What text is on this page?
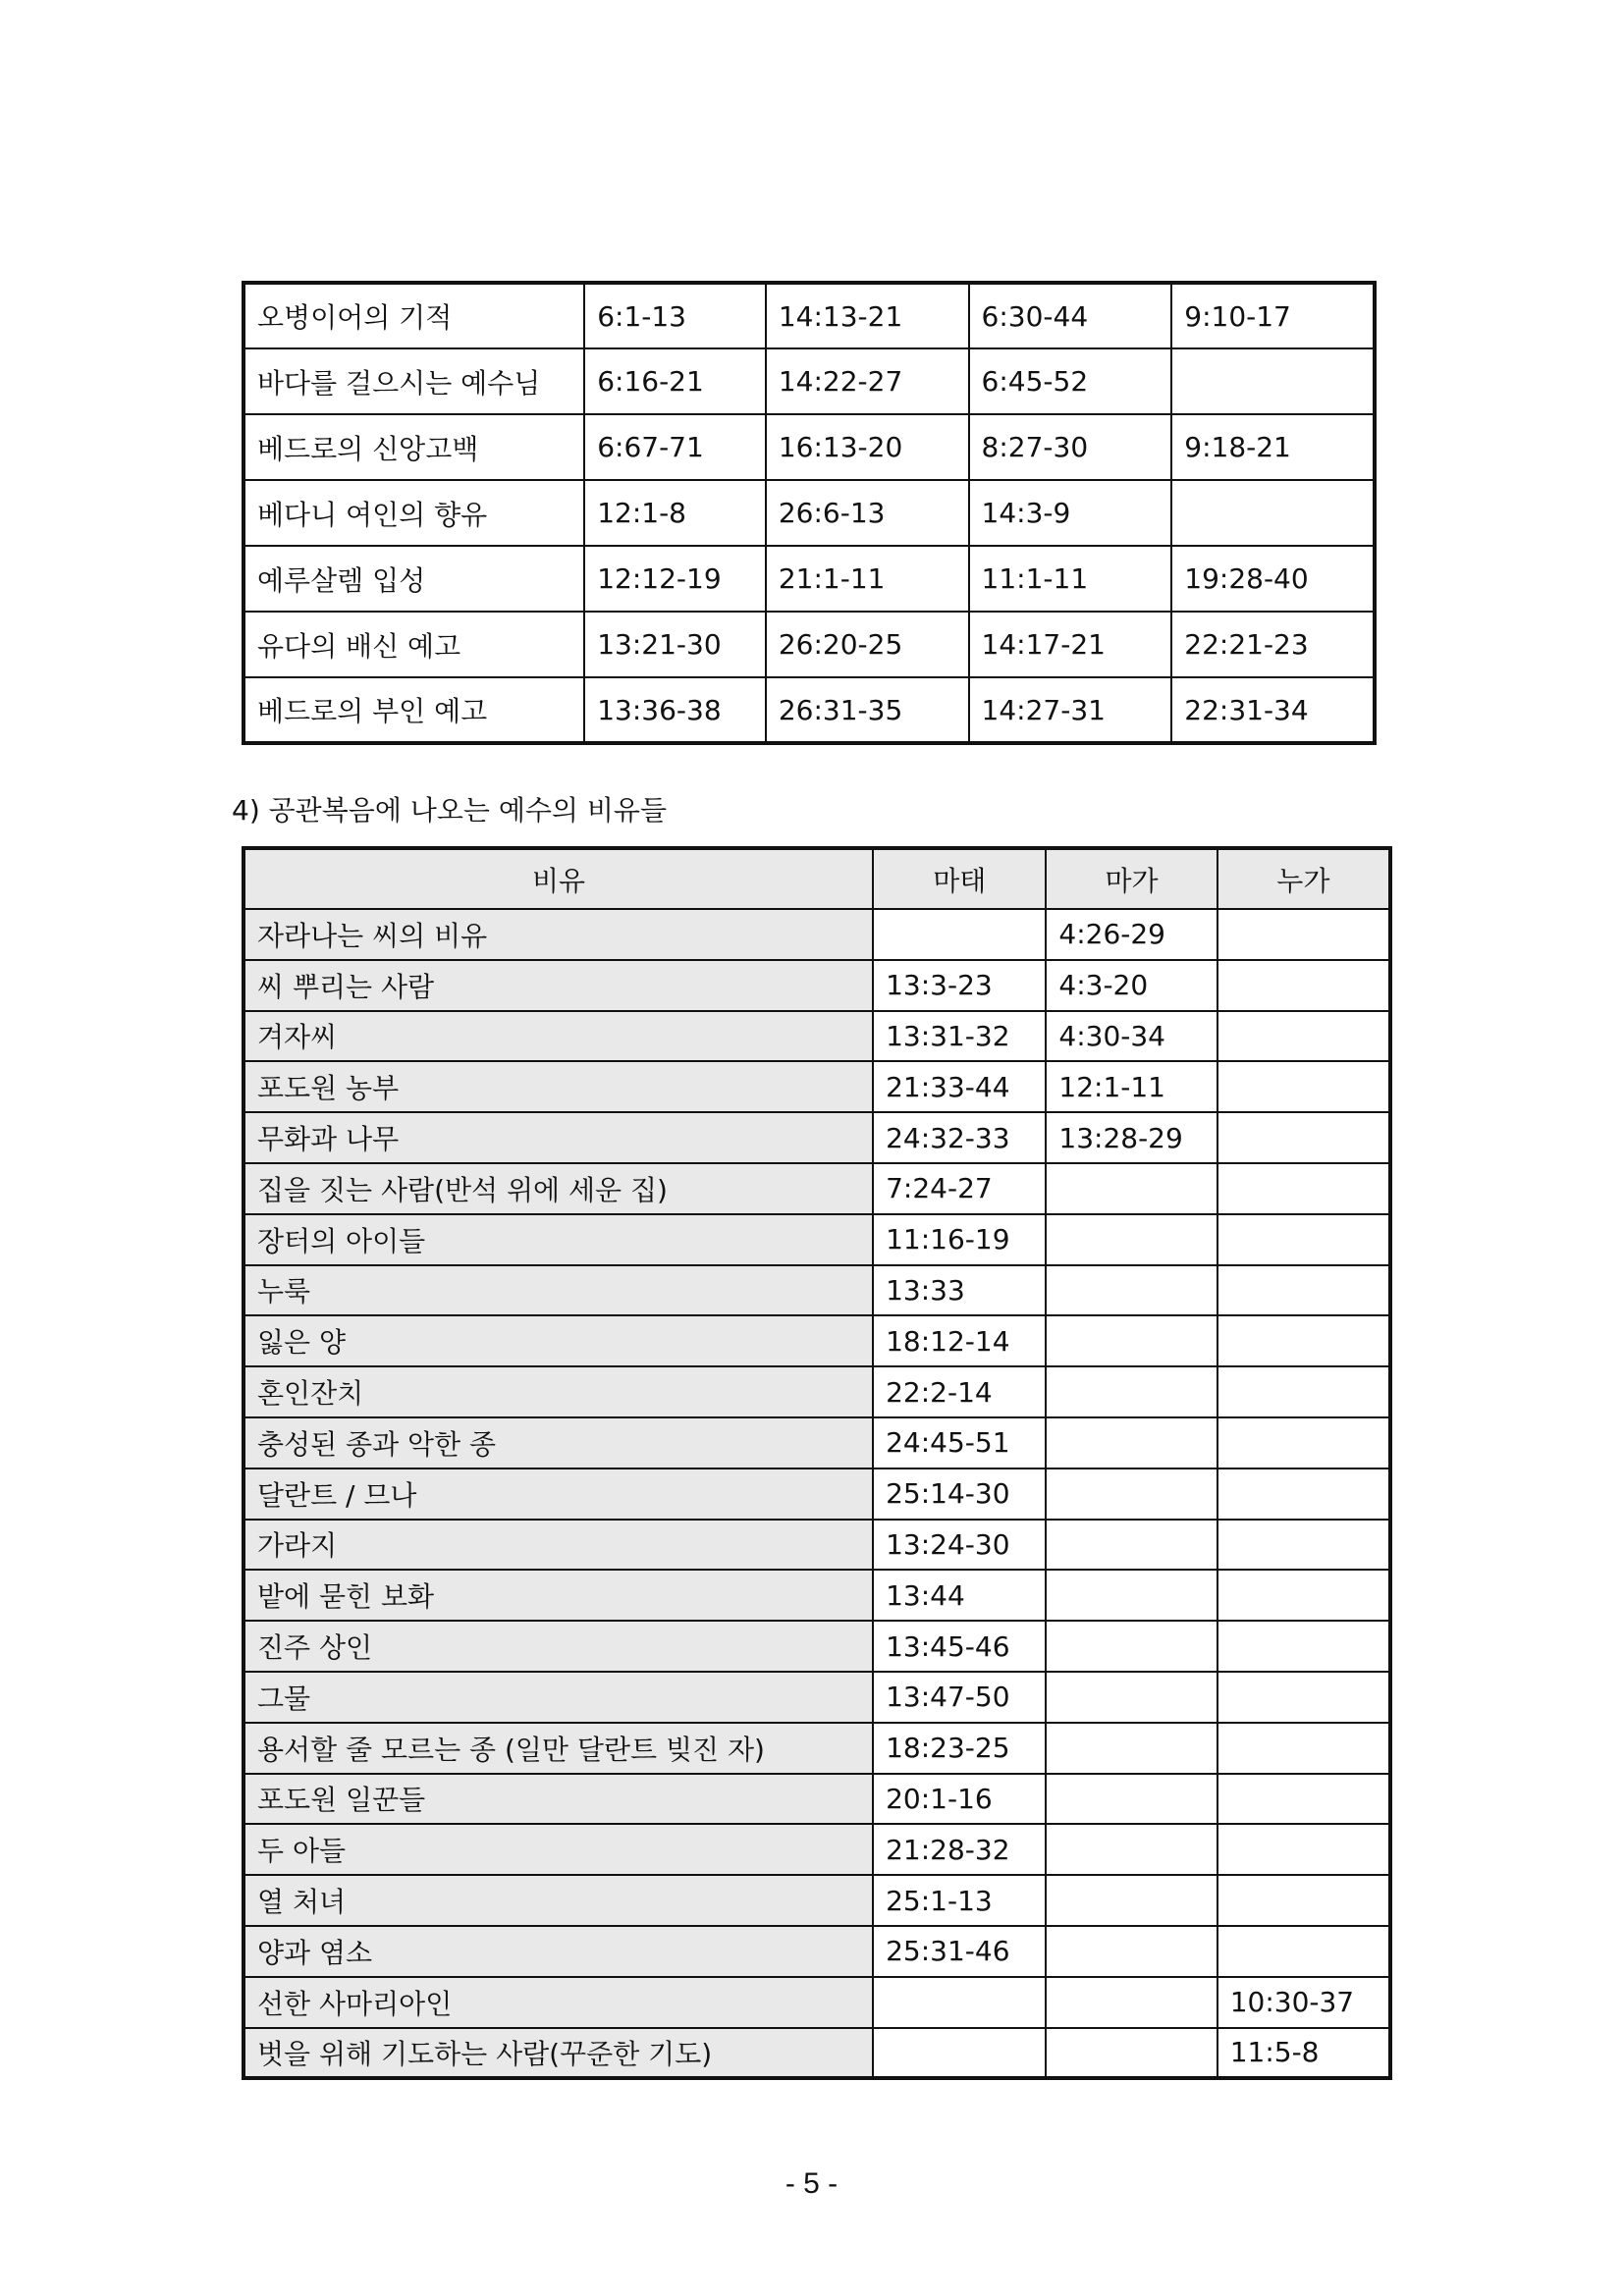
오병이어의 기적	6:1-13	14:13-21	6:30-44	9:10-17
바다를 걸으시는 예수님	6:16-21	14:22-27	6:45-52	
베드로의 신앙고백	6:67-71	16:13-20	8:27-30	9:18-21
베다니 여인의 향유	12:1-8	26:6-13	14:3-9	
예루살렘 입성	12:12-19	21:1-11	11:1-11	19:28-40
유다의 배신 예고	13:21-30	26:20-25	14:17-21	22:21-23
베드로의 부인 예고	13:36-38	26:31-35	14:27-31	22:31-34
4) 공관복음에 나오는 예수의 비유들
비유	마태	마가	누가
자라나는 씨의 비유		4:26-29	
씨 뿌리는 사람	13:3-23	4:3-20	
겨자씨	13:31-32	4:30-34	
포도원 농부	21:33-44	12:1-11	
무화과 나무	24:32-33	13:28-29	
집을 짓는 사람(반석 위에 세운 집)	7:24-27		
장터의 아이들	11:16-19		
누룩	13:33		
잃은 양	18:12-14		
혼인잔치	22:2-14		
충성된 종과 악한 종	24:45-51		
달란트 / 므나	25:14-30		
가라지	13:24-30		
밭에 묻힌 보화	13:44		
진주 상인	13:45-46		
그물	13:47-50		
용서할 줄 모르는 종 (일만 달란트 빚진 자)	18:23-25		
포도원 일꾼들	20:1-16		
두 아들	21:28-32		
열 처녀	25:1-13		
양과 염소	25:31-46		
선한 사마리아인			10:30-37
벗을 위해 기도하는 사람(꾸준한 기도)			11:5-8
- 5 -
